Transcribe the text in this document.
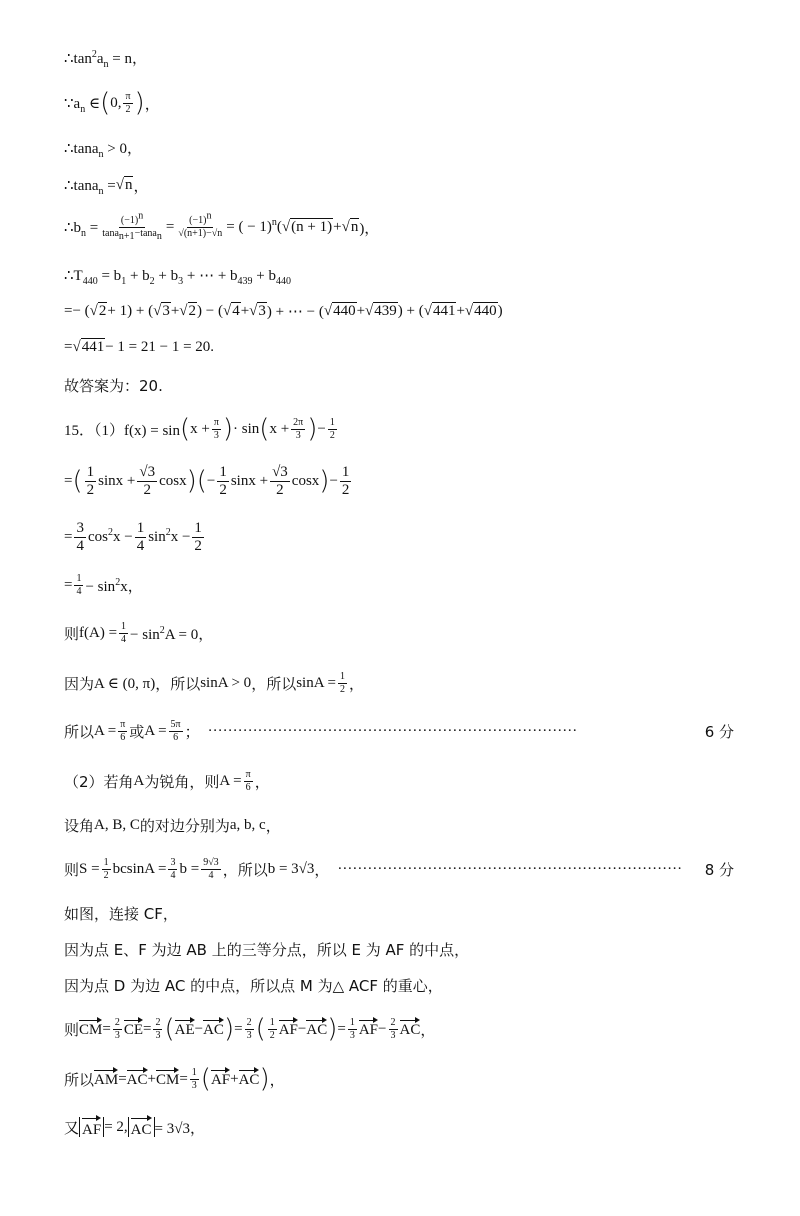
$\therefore\tan^2a_n = n$，
$\because a_n$ ∈ ( 0, $\frac{\pi}{2}$ ) ，
∴tana$_n$ > 0，
∴tana$_n$ = √ n ，
$\therefore b_n = \frac{(-1)^n}{\tan a_{n+1}-\tan a_n} = \frac{(-1)^n}{√(n+1)-√n}$ = ( − 1)$^n$( √ (n + 1) + √ n )，
$\therefore T_{440} = b_1 + b_2 + b_3$ + ⋯ + $b_{439} + b_{440}$
=− ( √ 2 + 1) + ( √ 3 + √ 2 ) − ( √ 4 + √ 3 ) + ⋯ − ( √ 440 + √ 439 ) + ( √ 441 + √ 440 )
= √ 441 − 1 = 21 − 1 = 20.
故答案为：20.
15．（1）f(x) = sin ( $x + \frac{\pi}{3}$ ) · sin ( $x + \frac{2\pi}{3}$ ) − $\frac{1}{2}$
= ( $\frac{1}{2}$ $\sin x + \frac{√3}{2}$ cosx )( − $\frac{1}{2}$ $\sin x + \frac{√3}{2}$ cosx ) − $\frac{1}{2}$
= $\frac{3}{4} \cos^2x - \frac{1}{4} \sin^2x - \frac{1}{2}$
= $\frac{1}{4} - \sin^2x$，
则 $f(A) = \frac{1}{4} - \sin^2A = 0$，
因为 A ∈ (0, π) ，所以 sinA > 0 ，所以 $\sin A = \frac{1}{2}$ ，
所以 $A = \frac{\pi}{6}$ 或 $A = \frac{5\pi}{6}$ ； ··········································································	6 分
（2）若角 A 为锐角，则 $A = \frac{\pi}{6}$ ，
设角 A, B, C 的对边分别为 a, b, c ，
则 $S = \frac{1}{2}$ $bcsinA = \frac{3}{4}$ $b = \frac{9√3}{4}$ ，所以 b = 3√3 ， ····································································· 8 分
如图，连接 CF，
因为点 E、F 为边 AB 上的三等分点，所以 E 为 AF 的中点，
因为点 D 为边 AC 的中点，所以点 M 为△ ACF 的重心，
则 CM = $\frac{2}{3}$ CE = $\frac{2}{3}$ ( AE − AC ) = $\frac{2}{3}$ ( $\frac{1}{2}$ AF − AC ) = $\frac{1}{3}$ AF − $\frac{2}{3}$ AC ，
所以 AM = AC + CM = $\frac{1}{3}$ ( AF + AC ) ，
又 AF = 2, AC = 3√3，
